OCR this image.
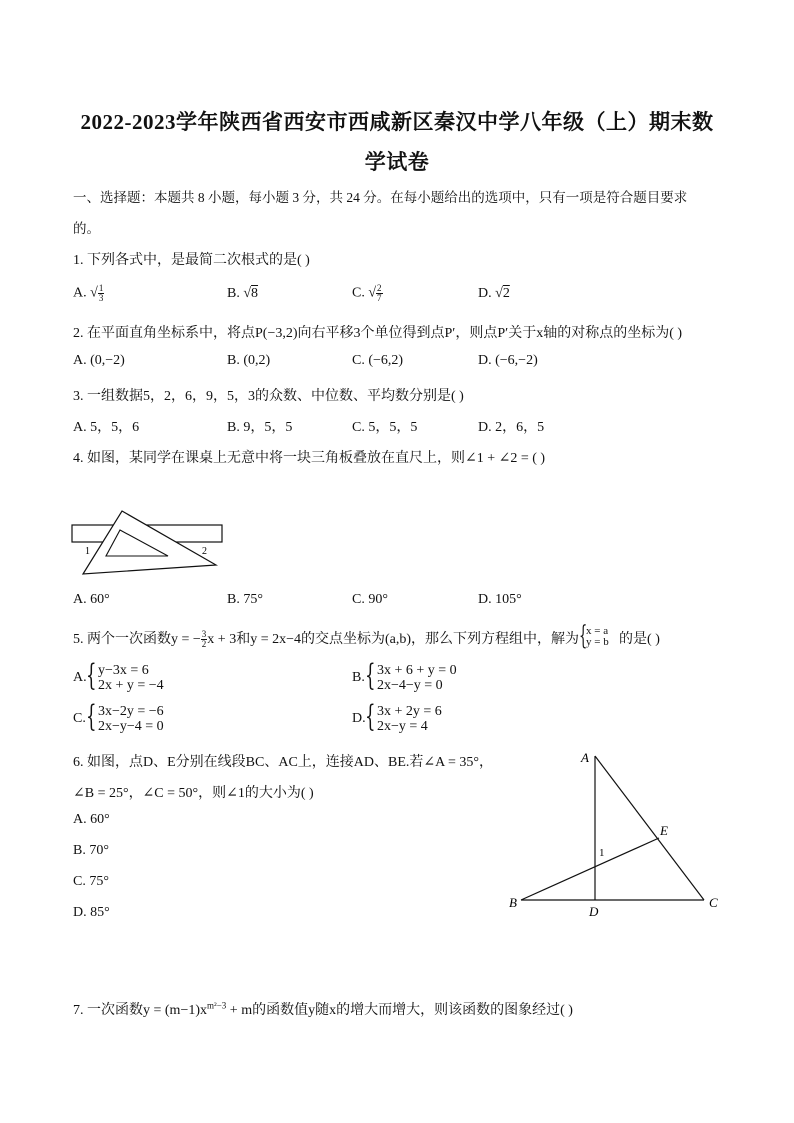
2022-2023学年陕西省西安市西咸新区秦汉中学八年级（上）期末数
学试卷
一、选择题：本题共 8 小题，每小题 3 分，共 24 分。在每小题给出的选项中，只有一项是符合题目要求
的。
1. 下列各式中，是最简二次根式的是( )
A. √ $\frac{1}{3}$	B. √8	C. √ $\frac{2}{7}$	D. √2
2. 在平面直角坐标系中，将点P(−3,2)向右平移3个单位得到点P′，则点P′关于x轴的对称点的坐标为( )
A. (0,−2)	B. (0,2)	C. (−6,2)	D. (−6,−2)
3. 一组数据5，2，6，9，5，3的众数、中位数、平均数分别是( )
A. 5，5，6	B. 9，5，5	C. 5，5，5	D. 2，6，5
4. 如图，某同学在课桌上无意中将一块三角板叠放在直尺上，则∠1 + ∠2 = ( )
1	2
A. 60°	B. 75°	C. 90°	D. 105°
5. 两个一次函数y = − $\frac{3}{2}$ x + 3和y = 2x−4的交点坐标为(a,b)，那么下列方程组中，解为 {
x = a
y = b 的是( )
A. { y−3x = 6
2x + y = −4
B. { 3x + 6 + y = 0
2x−4−y = 0
C. { 3x−2y = −6
2x−y−4 = 0
D. { 3x + 2y = 6
2x−y = 4
6. 如图，点D、E分别在线段BC、AC上，连接AD、BE.若∠A = 35°，
∠B = 25°，∠C = 50°，则∠1的大小为( )
A. 60°
B. 70°
C. 75°
D. 85°
A
B	C
D
E
1
7. 一次函数$y = (m-1)x^{m^2-3} + m$的函数值y随x的增大而增大，则该函数的图象经过( )
